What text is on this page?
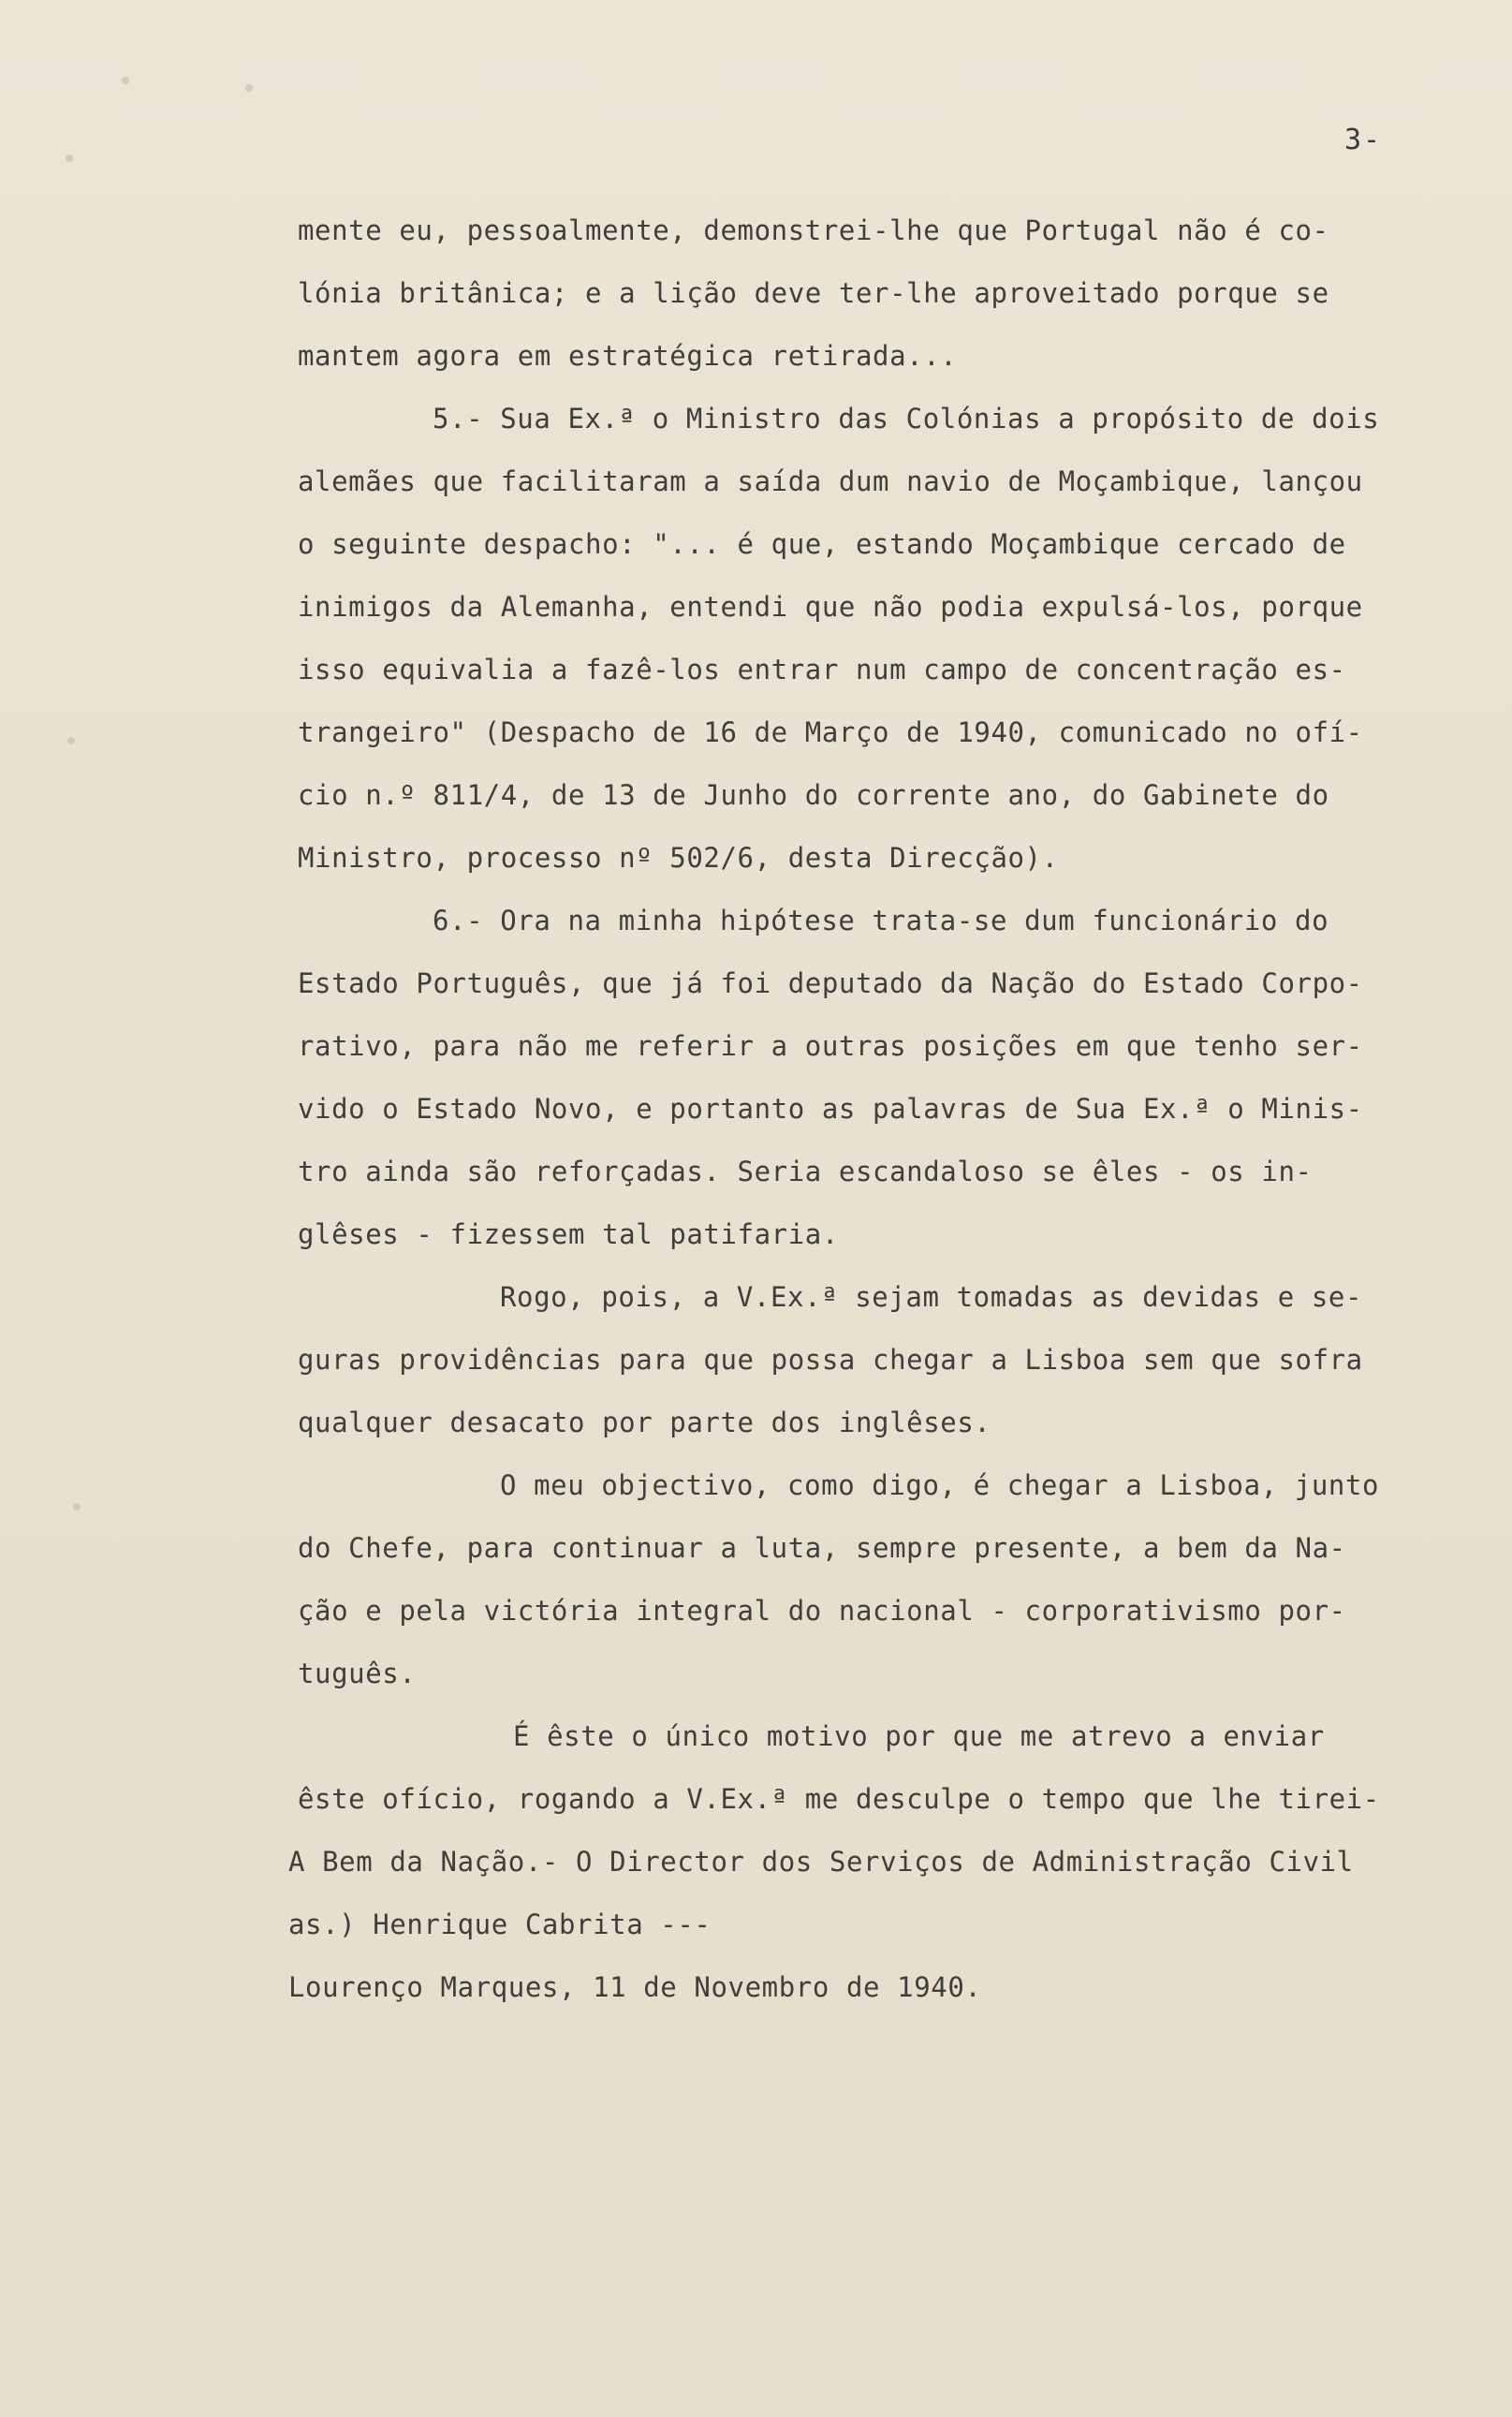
3-
mente eu, pessoalmente, demonstrei-lhe que Portugal não é co-
lónia britânica; e a lição deve ter-lhe aproveitado porque se
mantem agora em estratégica retirada...
5.- Sua Ex.ª o Ministro das Colónias a propósito de dois
alemães que facilitaram a saída dum navio de Moçambique, lançou
o seguinte despacho: "... é que, estando Moçambique cercado de
inimigos da Alemanha, entendi que não podia expulsá-los, porque
isso equivalia a fazê-los entrar num campo de concentração es-
trangeiro" (Despacho de 16 de Março de 1940, comunicado no ofí-
cio n.º 811/4, de 13 de Junho do corrente ano, do Gabinete do
Ministro, processo nº 502/6, desta Direcção).
6.- Ora na minha hipótese trata-se dum funcionário do
Estado Português, que já foi deputado da Nação do Estado Corpo-
rativo, para não me referir a outras posições em que tenho ser-
vido o Estado Novo, e portanto as palavras de Sua Ex.ª o Minis-
tro ainda são reforçadas. Seria escandaloso se êles - os in-
glêses - fizessem tal patifaria.
Rogo, pois, a V.Ex.ª sejam tomadas as devidas e se-
guras providências para que possa chegar a Lisboa sem que sofra
qualquer desacato por parte dos inglêses.
O meu objectivo, como digo, é chegar a Lisboa, junto
do Chefe, para continuar a luta, sempre presente, a bem da Na-
ção e pela victória integral do nacional - corporativismo por-
tuguês.
É êste o único motivo por que me atrevo a enviar
êste ofício, rogando a V.Ex.ª me desculpe o tempo que lhe tirei-
A Bem da Nação.- O Director dos Serviços de Administração Civil
as.) Henrique Cabrita ---
Lourenço Marques, 11 de Novembro de 1940.
